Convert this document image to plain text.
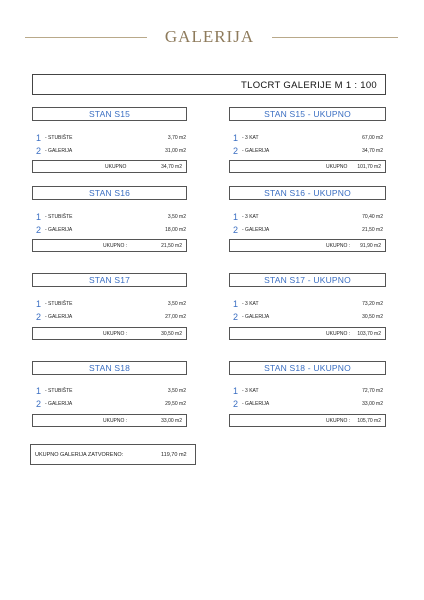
GALERIJA
TLOCRT GALERIJE M 1 : 100
STAN S15
1 - STUBIŠTE	3,70 m2
2 - GALERIJA	31,00 m2
UKUPNO	34,70 m2
STAN S16
1 - STUBIŠTE	3,50 m2
2 - GALERIJA	18,00 m2
UKUPNO :	21,50 m2
STAN S17
1 - STUBIŠTE	3,50 m2
2 - GALERIJA	27,00 m2
UKUPNO :	30,50 m2
STAN S18
1 - STUBIŠTE	3,50 m2
2 - GALERIJA	29,50 m2
UKUPNO :	33,00 m2
STAN S15 - UKUPNO
1 - 3 KAT	67,00 m2
2 - GALERIJA	34,70 m2
UKUPNO 101,70 m2
STAN S16 - UKUPNO
1 - 3 KAT	70,40 m2
2 - GALERIJA	21,50 m2
UKUPNO : 91,90 m2
STAN S17 - UKUPNO
1 - 3 KAT	73,20 m2
2 - GALERIJA	30,50 m2
UKUPNO : 103,70 m2
STAN S18 - UKUPNO
1 - 3 KAT	72,70 m2
2 - GALERIJA	33,00 m2
UKUPNO : 105,70 m2
UKUPNO GALERIJA ZATVORENO:	119,70 m2
